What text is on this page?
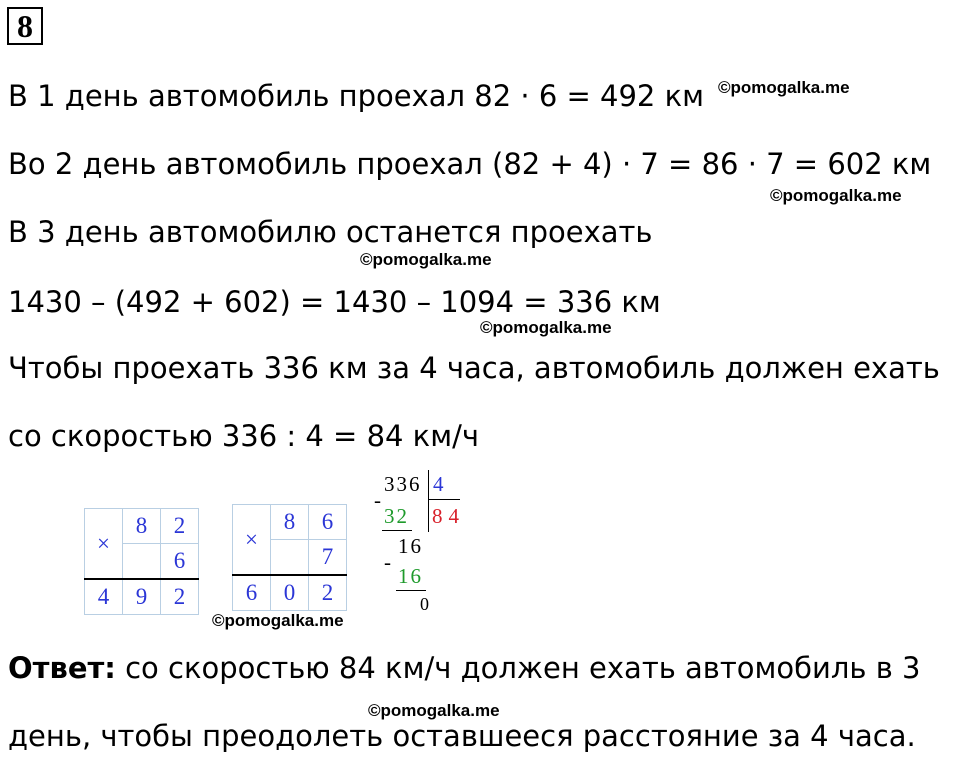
8
В 1 день автомобиль проехал 82 · 6 = 492 км ©pomogalka.me
Во 2 день автомобиль проехал (82 + 4) · 7 = 86 · 7 = 602 км
©pomogalka.me
В 3 день автомобилю останется проехать
©pomogalka.me
1430 – (492 + 602) = 1430 – 1094 = 336 км
©pomogalka.me
Чтобы проехать 336 км за 4 часа, автомобиль должен ехать
со скоростью 336 : 4 = 84 км/ч
×	8	2
		6
4	9	2
×	8	6
		7
6	0	2
©pomogalka.me
336 4
-
32 84
16
-
16
0
Ответ: со скоростью 84 км/ч должен ехать автомобиль в 3
©pomogalka.me
день, чтобы преодолеть оставшееся расстояние за 4 часа.
